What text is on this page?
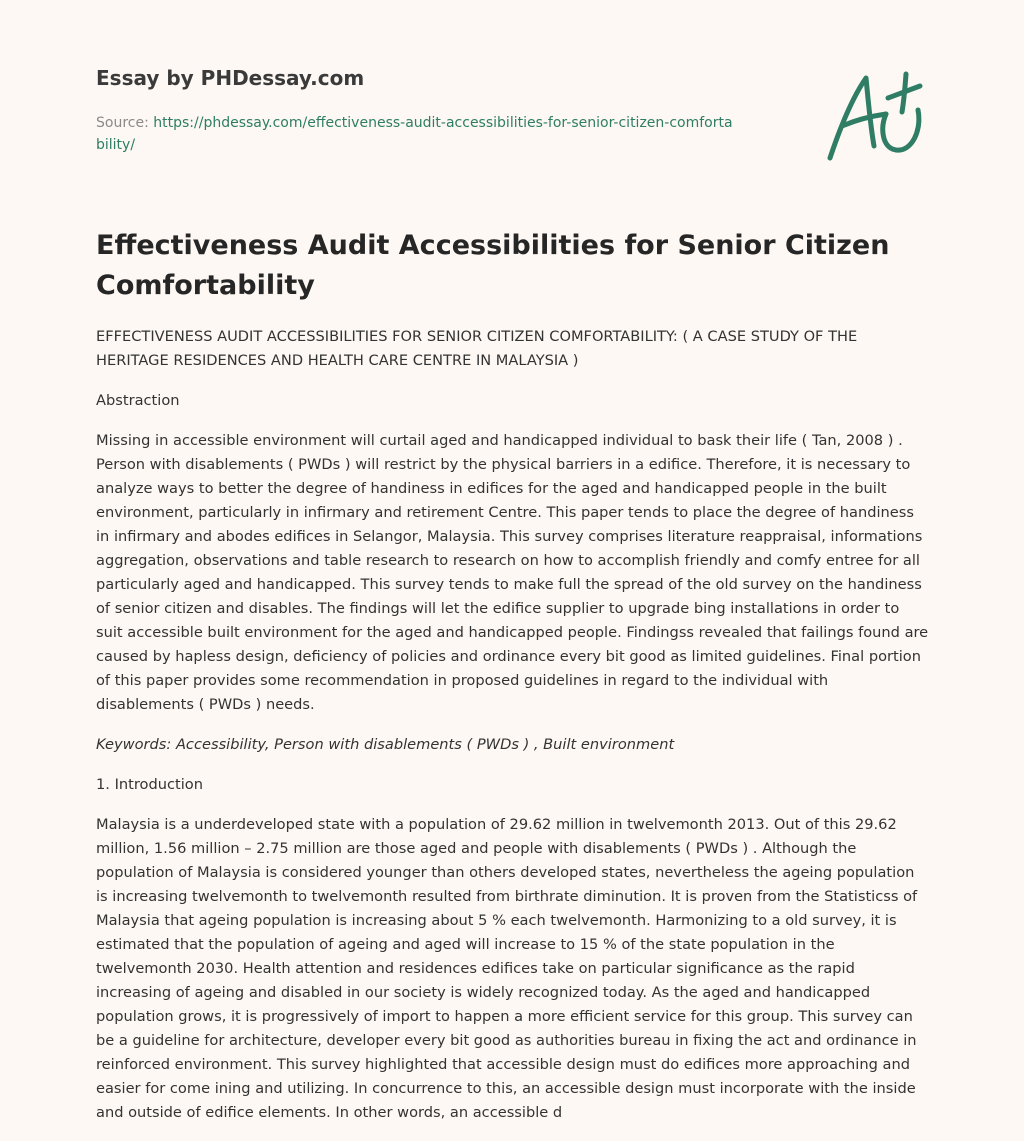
Essay by PHDessay.com
Source: https://phdessay.com/effectiveness-audit-accessibilities-for-senior-citizen-comfortability/
Effectiveness Audit Accessibilities for Senior Citizen Comfortability

EFFECTIVENESS AUDIT ACCESSIBILITIES FOR SENIOR CITIZEN COMFORTABILITY: ( A CASE STUDY OF THE HERITAGE RESIDENCES AND HEALTH CARE CENTRE IN MALAYSIA )

Abstraction

Missing in accessible environment will curtail aged and handicapped individual to bask their life ( Tan, 2008 ) . Person with disablements ( PWDs ) will restrict by the physical barriers in a edifice. Therefore, it is necessary to analyze ways to better the degree of handiness in edifices for the aged and handicapped people in the built environment, particularly in infirmary and retirement Centre. This paper tends to place the degree of handiness in infirmary and abodes edifices in Selangor, Malaysia. This survey comprises literature reappraisal, informations aggregation, observations and table research to research on how to accomplish friendly and comfy entree for all particularly aged and handicapped. This survey tends to make full the spread of the old survey on the handiness of senior citizen and disables. The findings will let the edifice supplier to upgrade bing installations in order to suit accessible built environment for the aged and handicapped people. Findingss revealed that failings found are caused by hapless design, deficiency of policies and ordinance every bit good as limited guidelines. Final portion of this paper provides some recommendation in proposed guidelines in regard to the individual with disablements ( PWDs ) needs.

Keywords: Accessibility, Person with disablements ( PWDs ) , Built environment

1. Introduction

Malaysia is a underdeveloped state with a population of 29.62 million in twelvemonth 2013. Out of this 29.62 million, 1.56 million – 2.75 million are those aged and people with disablements ( PWDs ) . Although the population of Malaysia is considered younger than others developed states, nevertheless the ageing population is increasing twelvemonth to twelvemonth resulted from birthrate diminution. It is proven from the Statisticss of Malaysia that ageing population is increasing about 5 % each twelvemonth. Harmonizing to a old survey, it is estimated that the population of ageing and aged will increase to 15 % of the state population in the twelvemonth 2030. Health attention and residences edifices take on particular significance as the rapid increasing of ageing and disabled in our society is widely recognized today. As the aged and handicapped population grows, it is progressively of import to happen a more efficient service for this group. This survey can be a guideline for architecture, developer every bit good as authorities bureau in fixing the act and ordinance in reinforced environment. This survey highlighted that accessible design must do edifices more approaching and easier for come ining and utilizing. In concurrence to this, an accessible design must incorporate with the inside and outside of edifice elements. In other words, an accessible d
